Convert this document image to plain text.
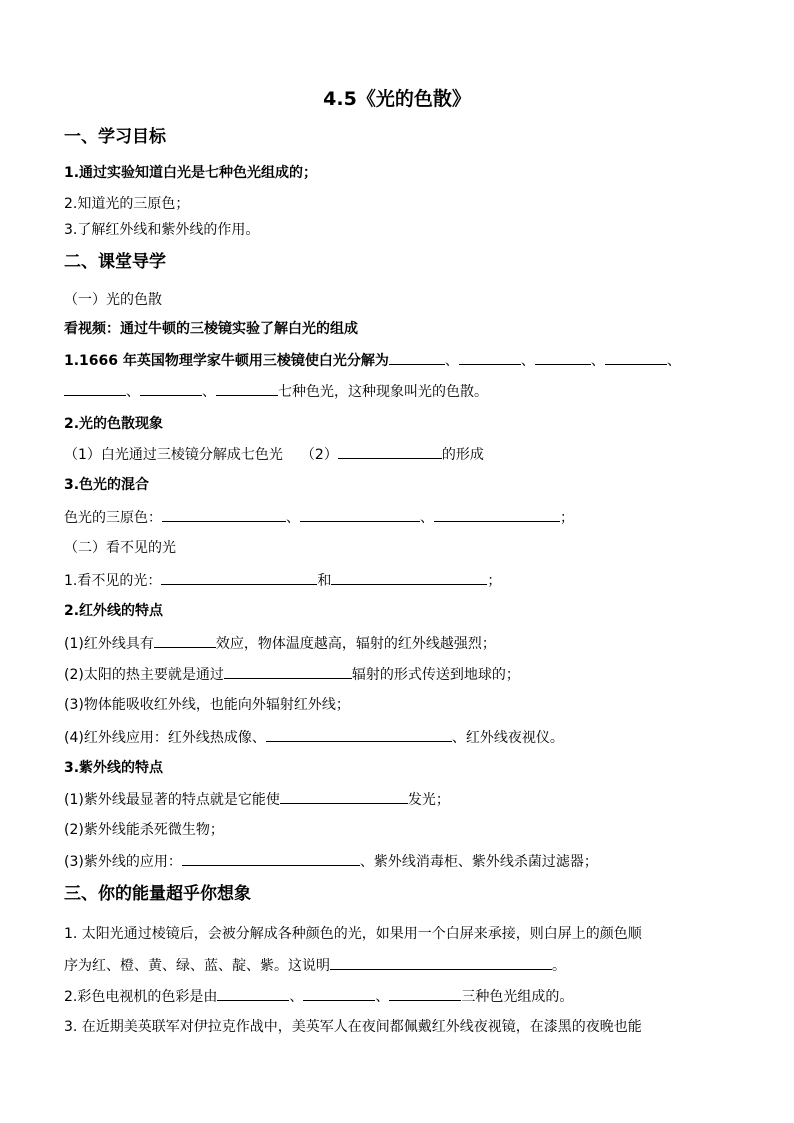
4.5《光的色散》
一、学习目标
1.通过实验知道白光是七种色光组成的；
2.知道光的三原色；
3.了解红外线和紫外线的作用。
二、课堂导学
（一）光的色散
看视频：通过牛顿的三棱镜实验了解白光的组成
1.1666 年英国物理学家牛顿用三棱镜使白光分解为	、	、	、	、
、	、	七种色光，这种现象叫光的色散。
2.光的色散现象
（1）白光通过三棱镜分解成七色光 （2）	的形成
3.色光的混合
色光的三原色：	、	、	；
（二）看不见的光
1.看不见的光：	和	；
2.红外线的特点
(1)红外线具有	效应，物体温度越高，辐射的红外线越强烈；
(2)太阳的热主要就是通过	辐射的形式传送到地球的；
(3)物体能吸收红外线，也能向外辐射红外线；
(4)红外线应用：红外线热成像、	、红外线夜视仪。
3.紫外线的特点
(1)紫外线最显著的特点就是它能使	发光；
(2)紫外线能杀死微生物；
(3)紫外线的应用：	、紫外线消毒柜、紫外线杀菌过滤器；
三、你的能量超乎你想象
1. 太阳光通过棱镜后，会被分解成各种颜色的光，如果用一个白屏来承接，则白屏上的颜色顺
序为红、橙、黄、绿、蓝、靛、紫。这说明	。
2.彩色电视机的色彩是由	、	、	三种色光组成的。
3. 在近期美英联军对伊拉克作战中，美英军人在夜间都佩戴红外线夜视镜，在漆黑的夜晚也能
